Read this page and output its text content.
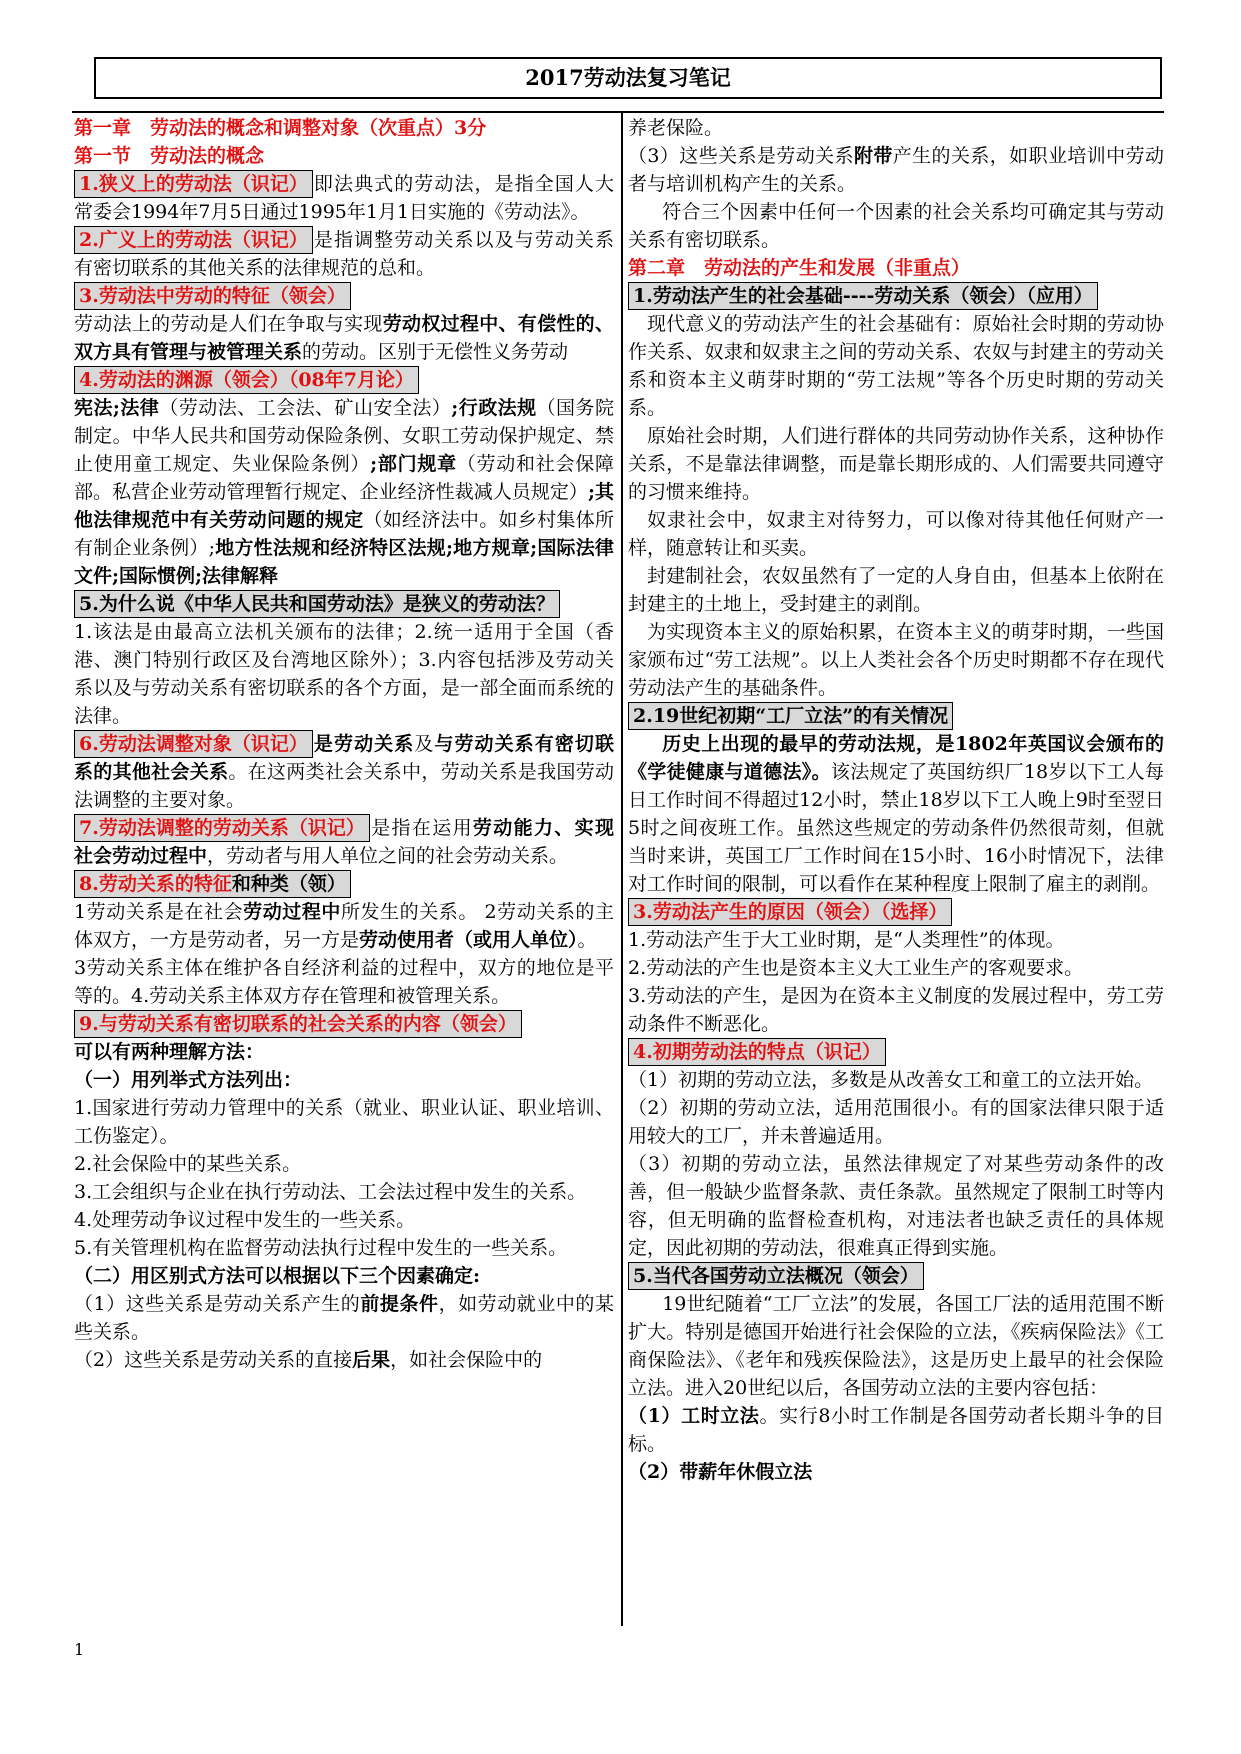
2017劳动法复习笔记

第一章　劳动法的概念和调整对象（次重点）3分

第一节　劳动法的概念

1.狭义上的劳动法（识记） 即法典式的劳动法，是指全国人大常委会1994年7月5日通过1995年1月1日实施的《劳动法》。

2.广义上的劳动法（识记） 是指调整劳动关系以及与劳动关系有密切联系的其他关系的法律规范的总和。

3.劳动法中劳动的特征（领会）

劳动法上的劳动是人们在争取与实现劳动权过程中、有偿性的、双方具有管理与被管理关系的劳动。区别于无偿性义务劳动

4.劳动法的渊源（领会）（08年7月论）

宪法;法律（劳动法、工会法、矿山安全法）;行政法规（国务院制定。中华人民共和国劳动保险条例、女职工劳动保护规定、禁止使用童工规定、失业保险条例）;部门规章（劳动和社会保障部。私营企业劳动管理暂行规定、企业经济性裁减人员规定）;其他法律规范中有关劳动问题的规定（如经济法中。如乡村集体所有制企业条例）;地方性法规和经济特区法规;地方规章;国际法律文件;国际惯例;法律解释

5.为什么说《中华人民共和国劳动法》是狭义的劳动法？

1.该法是由最高立法机关颁布的法律；2.统一适用于全国（香港、澳门特别行政区及台湾地区除外）；3.内容包括涉及劳动关系以及与劳动关系有密切联系的各个方面，是一部全面而系统的法律。

6.劳动法调整对象（识记） 是劳动关系及与劳动关系有密切联系的其他社会关系。在这两类社会关系中，劳动关系是我国劳动法调整的主要对象。

7.劳动法调整的劳动关系（识记） 是指在运用劳动能力、实现社会劳动过程中，劳动者与用人单位之间的社会劳动关系。

8.劳动关系的特征和种类（领）

1劳动关系是在社会劳动过程中所发生的关系。 2劳动关系的主体双方，一方是劳动者，另一方是劳动使用者（或用人单位）。

3劳动关系主体在维护各自经济利益的过程中，双方的地位是平等的。4.劳动关系主体双方存在管理和被管理关系。

9.与劳动关系有密切联系的社会关系的内容（领会）

可以有两种理解方法：

（一）用列举式方法列出：

1.国家进行劳动力管理中的关系（就业、职业认证、职业培训、工伤鉴定）。

2.社会保险中的某些关系。

3.工会组织与企业在执行劳动法、工会法过程中发生的关系。

4.处理劳动争议过程中发生的一些关系。

5.有关管理机构在监督劳动法执行过程中发生的一些关系。

（二）用区别式方法可以根据以下三个因素确定:

（1）这些关系是劳动关系产生的前提条件，如劳动就业中的某些关系。

（2）这些关系是劳动关系的直接后果，如社会保险中的

养老保险。

（3）这些关系是劳动关系附带产生的关系，如职业培训中劳动者与培训机构产生的关系。

符合三个因素中任何一个因素的社会关系均可确定其与劳动关系有密切联系。

第二章　劳动法的产生和发展（非重点）

1.劳动法产生的社会基础----劳动关系（领会）（应用）

现代意义的劳动法产生的社会基础有：原始社会时期的劳动协作关系、奴隶和奴隶主之间的劳动关系、农奴与封建主的劳动关系和资本主义萌芽时期的“劳工法规”等各个历史时期的劳动关系。

原始社会时期，人们进行群体的共同劳动协作关系，这种协作关系，不是靠法律调整，而是靠长期形成的、人们需要共同遵守的习惯来维持。

奴隶社会中，奴隶主对待努力，可以像对待其他任何财产一样，随意转让和买卖。

封建制社会，农奴虽然有了一定的人身自由，但基本上依附在封建主的土地上，受封建主的剥削。

为实现资本主义的原始积累，在资本主义的萌芽时期，一些国家颁布过“劳工法规”。以上人类社会各个历史时期都不存在现代劳动法产生的基础条件。

2.19世纪初期“工厂立法”的有关情况

历史上出现的最早的劳动法规，是1802年英国议会颁布的《学徒健康与道德法》。该法规定了英国纺织厂18岁以下工人每日工作时间不得超过12小时，禁止18岁以下工人晚上9时至翌日5时之间夜班工作。虽然这些规定的劳动条件仍然很苛刻，但就当时来讲，英国工厂工作时间在15小时、16小时情况下，法律对工作时间的限制，可以看作在某种程度上限制了雇主的剥削。

3.劳动法产生的原因（领会）（选择）

1.劳动法产生于大工业时期，是“人类理性”的体现。

2.劳动法的产生也是资本主义大工业生产的客观要求。

3.劳动法的产生，是因为在资本主义制度的发展过程中，劳工劳动条件不断恶化。

4.初期劳动法的特点（识记）

（1）初期的劳动立法，多数是从改善女工和童工的立法开始。

（2）初期的劳动立法，适用范围很小。有的国家法律只限于适用较大的工厂，并未普遍适用。

（3）初期的劳动立法，虽然法律规定了对某些劳动条件的改善，但一般缺少监督条款、责任条款。虽然规定了限制工时等内容，但无明确的监督检查机构，对违法者也缺乏责任的具体规定，因此初期的劳动法，很难真正得到实施。

5.当代各国劳动立法概况（领会）

19世纪随着“工厂立法”的发展，各国工厂法的适用范围不断扩大。特别是德国开始进行社会保险的立法，《疾病保险法》《工商保险法》、《老年和残疾保险法》，这是历史上最早的社会保险立法。进入20世纪以后，各国劳动立法的主要内容包括：

（1）工时立法。实行8小时工作制是各国劳动者长期斗争的目标。

（2）带薪年休假立法

1
